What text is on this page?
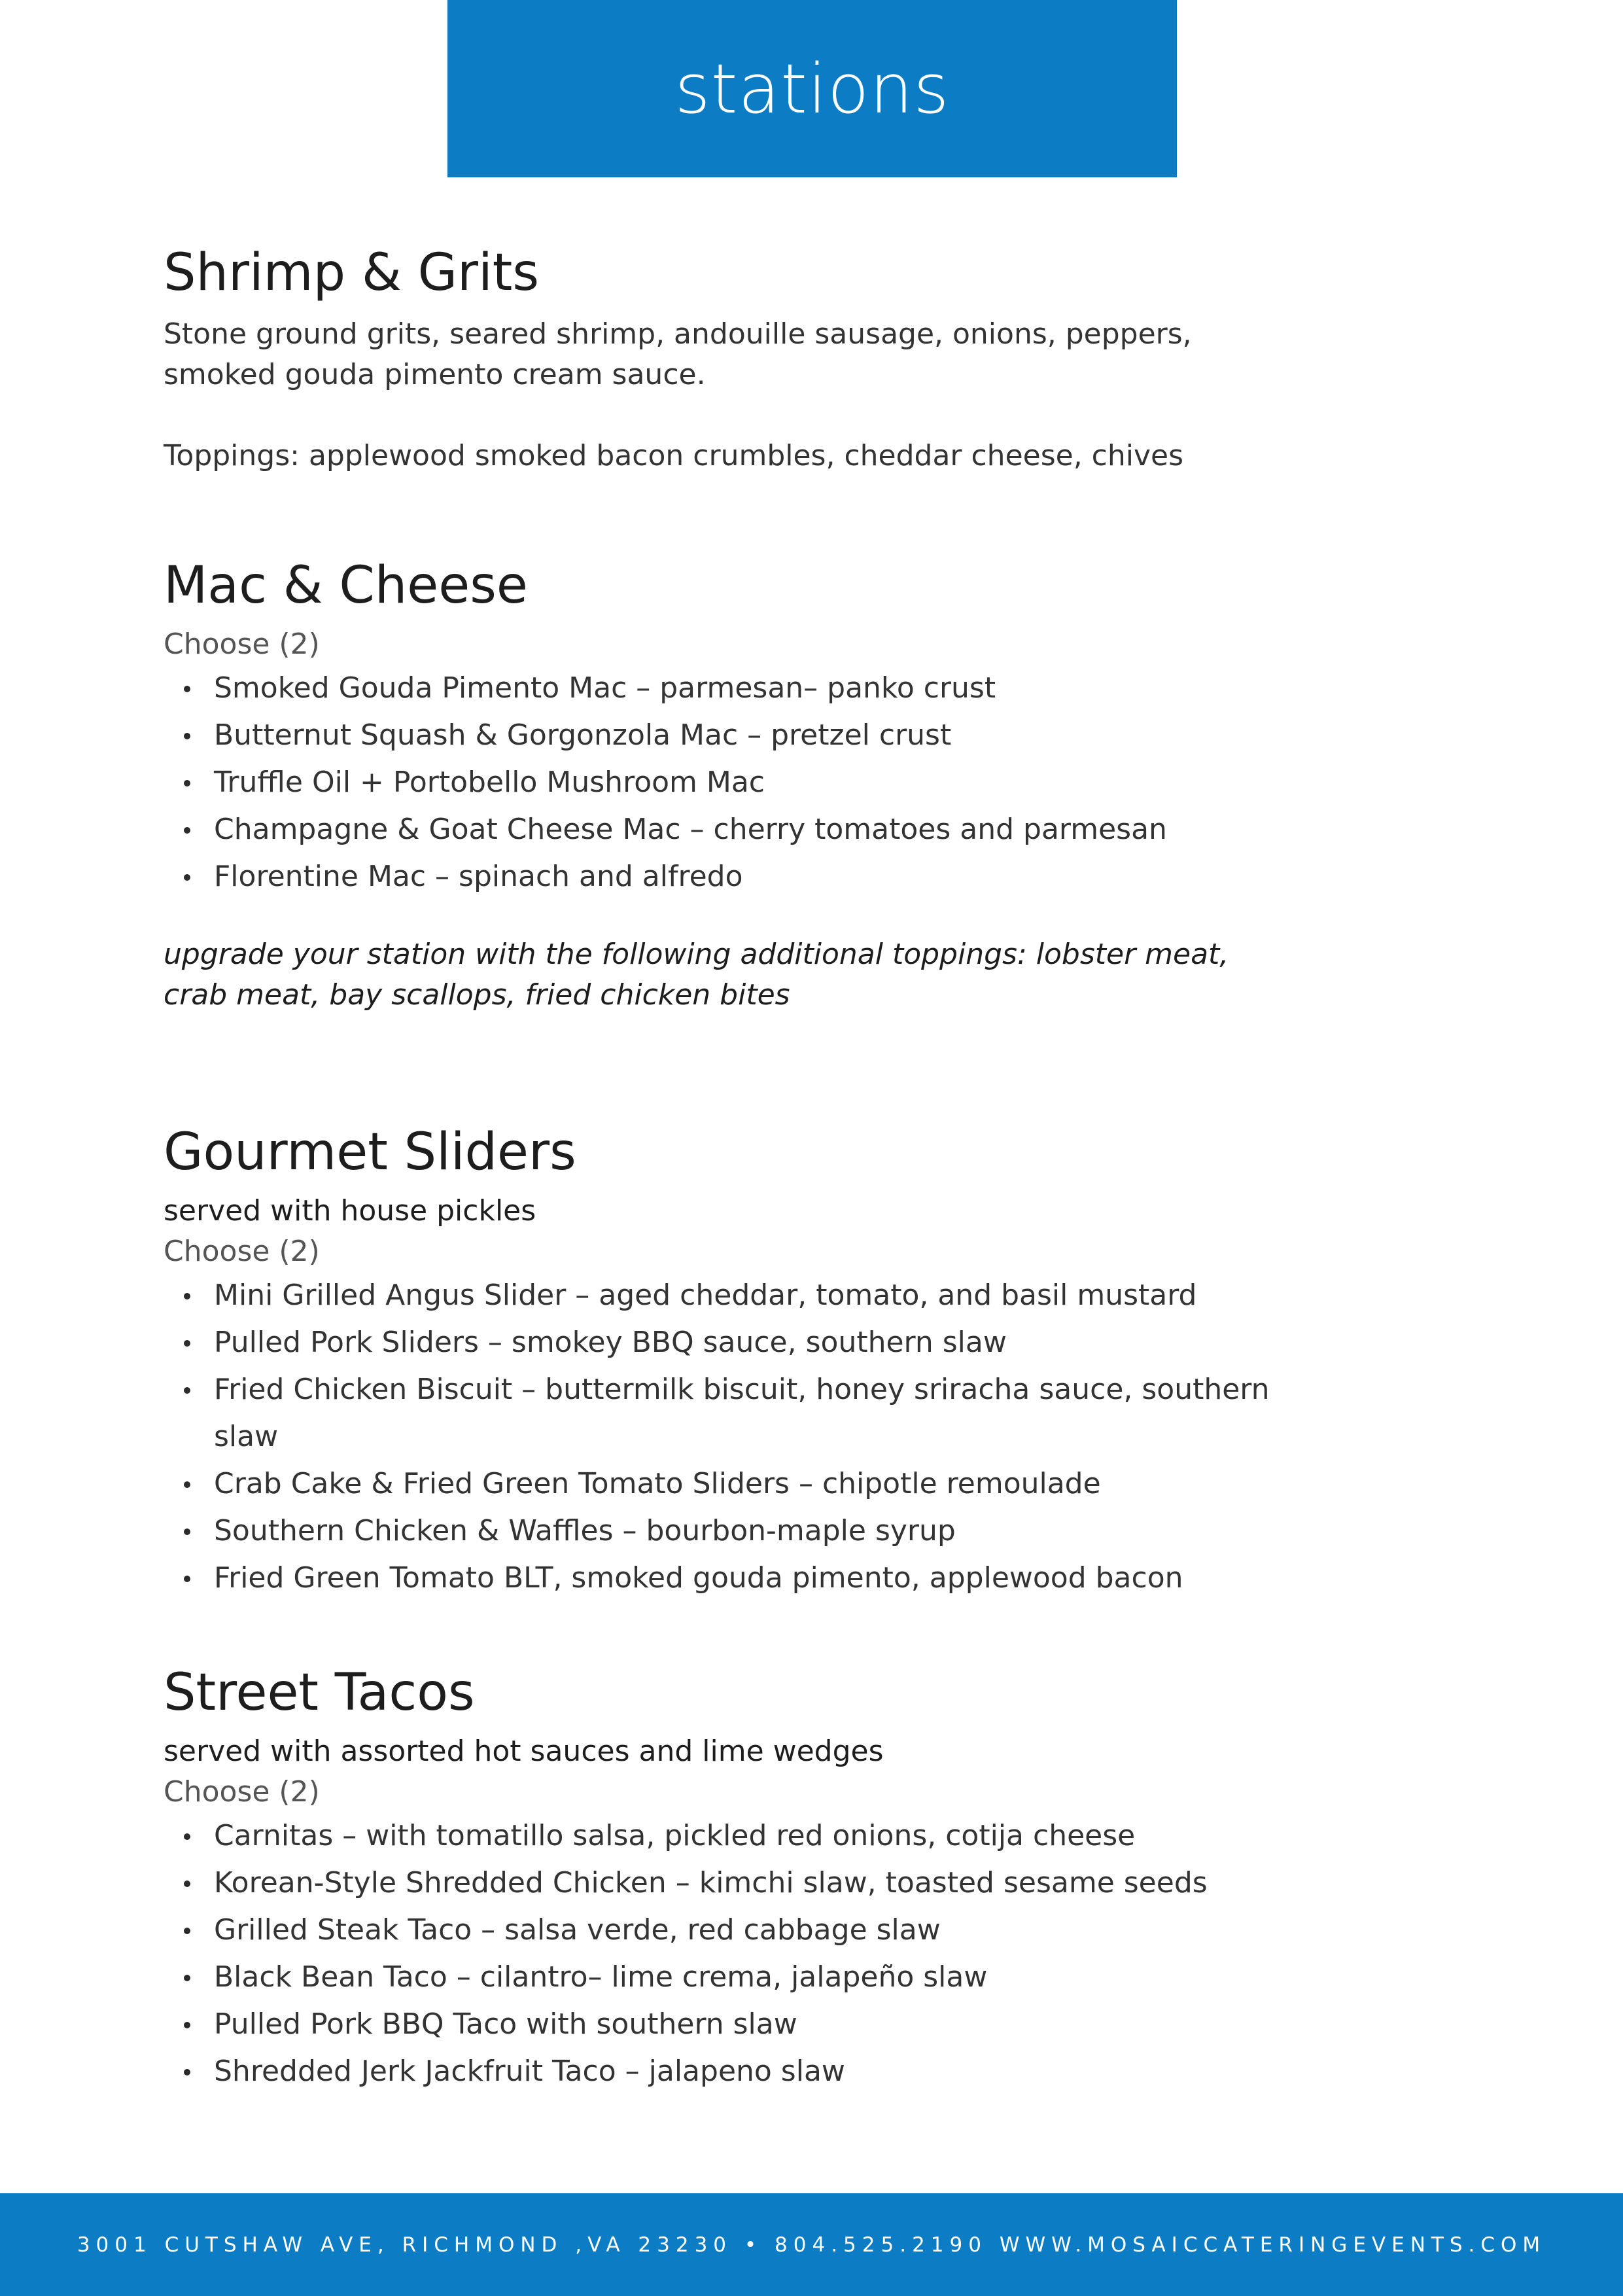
stations
Shrimp & Grits

Stone ground grits, seared shrimp, andouille sausage, onions, peppers,

smoked gouda pimento cream sauce.

Toppings: applewood smoked bacon crumbles, cheddar cheese, chives

Mac & Cheese

Choose (2)

Smoked Gouda Pimento Mac – parmesan– panko crust
Butternut Squash & Gorgonzola Mac – pretzel crust
Truffle Oil + Portobello Mushroom Mac
Champagne & Goat Cheese Mac – cherry tomatoes and parmesan
Florentine Mac – spinach and alfredo

upgrade your station with the following additional toppings: lobster meat,

crab meat, bay scallops, fried chicken bites

Gourmet Sliders

served with house pickles

Choose (2)

Mini Grilled Angus Slider – aged cheddar, tomato, and basil mustard
Pulled Pork Sliders – smokey BBQ sauce, southern slaw
Fried Chicken Biscuit – buttermilk biscuit, honey sriracha sauce, southern slaw
Crab Cake & Fried Green Tomato Sliders – chipotle remoulade
Southern Chicken & Waffles – bourbon-maple syrup
Fried Green Tomato BLT, smoked gouda pimento, applewood bacon
Street Tacos

served with assorted hot sauces and lime wedges

Choose (2)

Carnitas – with tomatillo salsa, pickled red onions, cotija cheese
Korean-Style Shredded Chicken – kimchi slaw, toasted sesame seeds
Grilled Steak Taco – salsa verde, red cabbage slaw
Black Bean Taco – cilantro– lime crema, jalapeño slaw
Pulled Pork BBQ Taco with southern slaw
Shredded Jerk Jackfruit Taco – jalapeno slaw
3001 CUTSHAW AVE, RICHMOND ,VA 23230 • 804.525.2190 WWW.MOSAICCATERINGEVENTS.COM
